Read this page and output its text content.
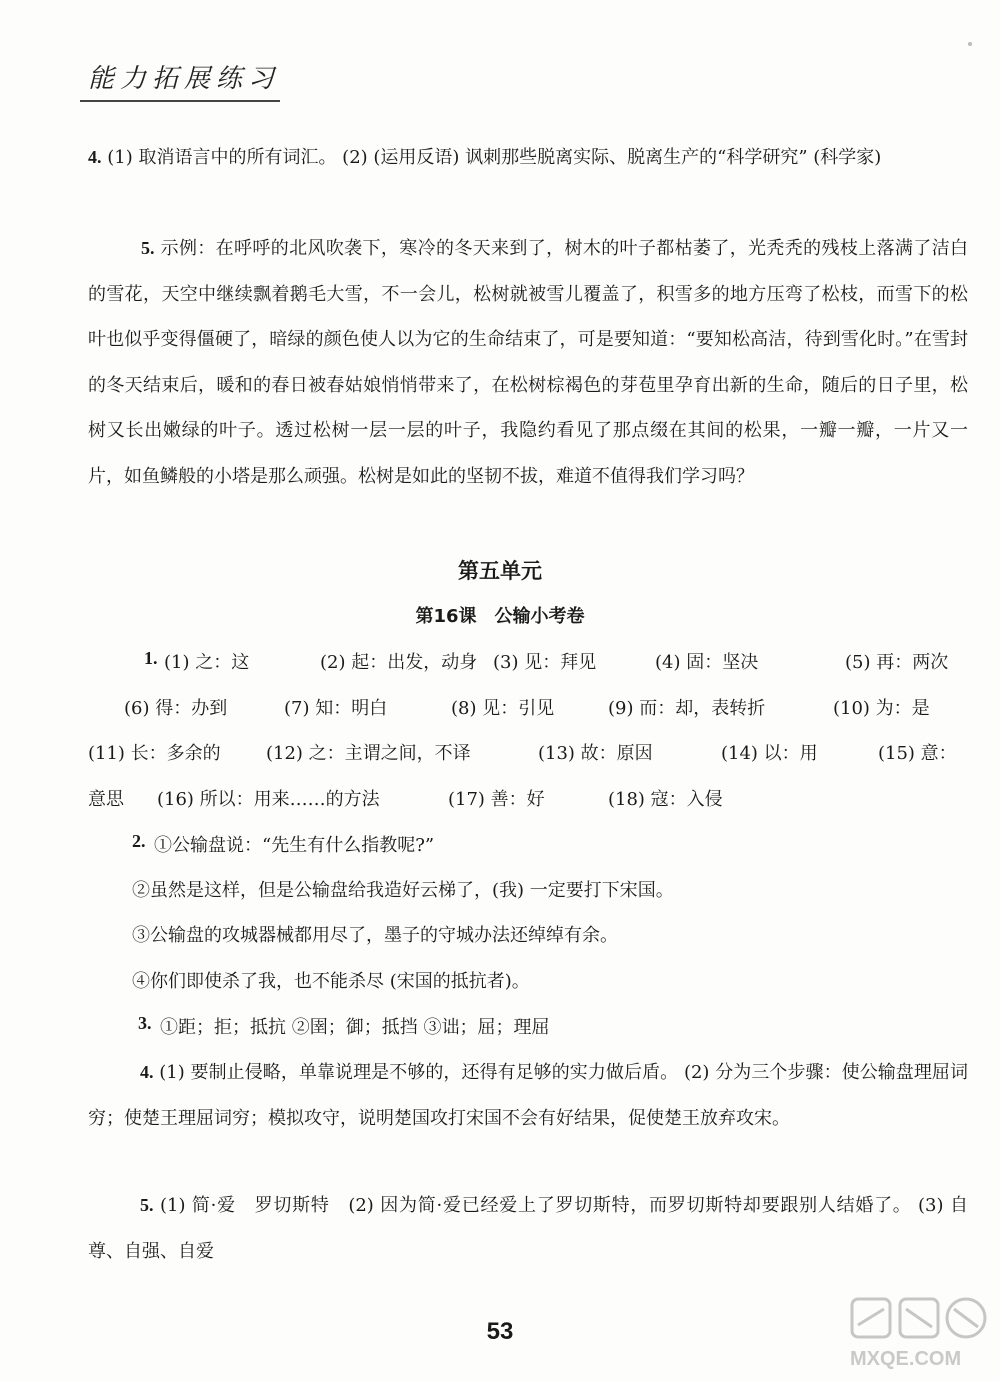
能力拓展练习
4. (1) 取消语言中的所有词汇。 (2) (运用反语) 讽刺那些脱离实际、脱离生产的“科学研究” (科学家)
5. 示例：在呼呼的北风吹袭下，寒冷的冬天来到了，树木的叶子都枯萎了，光秃秃的残枝上落满了洁白的雪花，天空中继续飘着鹅毛大雪，不一会儿，松树就被雪儿覆盖了，积雪多的地方压弯了松枝，而雪下的松叶也似乎变得僵硬了，暗绿的颜色使人以为它的生命结束了，可是要知道：“要知松高洁，待到雪化时。”在雪封的冬天结束后，暖和的春日被春姑娘悄悄带来了，在松树棕褐色的芽苞里孕育出新的生命，随后的日子里，松树又长出嫩绿的叶子。透过松树一层一层的叶子，我隐约看见了那点缀在其间的松果，一瓣一瓣，一片又一片，如鱼鳞般的小塔是那么顽强。松树是如此的坚韧不拔，难道不值得我们学习吗？
第五单元
第16课　公输小考卷
1. (1) 之：这	(2) 起：出发，动身 (3) 见：拜见	(4) 固：坚决	(5) 再：两次
(6) 得：办到	(7) 知：明白	(8) 见：引见	(9) 而：却，表转折	(10) 为：是
(11) 长：多余的	(12) 之：主谓之间，不译	(13) 故：原因	(14) 以：用	(15) 意：
意思 (16) 所以：用来……的方法	(17) 善：好	(18) 寇：入侵
2. ①公输盘说：“先生有什么指教呢?”
②虽然是这样，但是公输盘给我造好云梯了，(我) 一定要打下宋国。
③公输盘的攻城器械都用尽了，墨子的守城办法还绰绰有余。
④你们即使杀了我，也不能杀尽 (宋国的抵抗者)。
3. ①距；拒；抵抗 ②圉；御；抵挡 ③诎；屈；理屈
4. (1) 要制止侵略，单靠说理是不够的，还得有足够的实力做后盾。 (2) 分为三个步骤：使公输盘理屈词穷；使楚王理屈词穷；模拟攻守，说明楚国攻打宋国不会有好结果，促使楚王放弃攻宋。
5. (1) 简·爱　罗切斯特　(2) 因为简·爱已经爱上了罗切斯特，而罗切斯特却要跟别人结婚了。 (3) 自尊、自强、自爱
53
MXQE.COM
